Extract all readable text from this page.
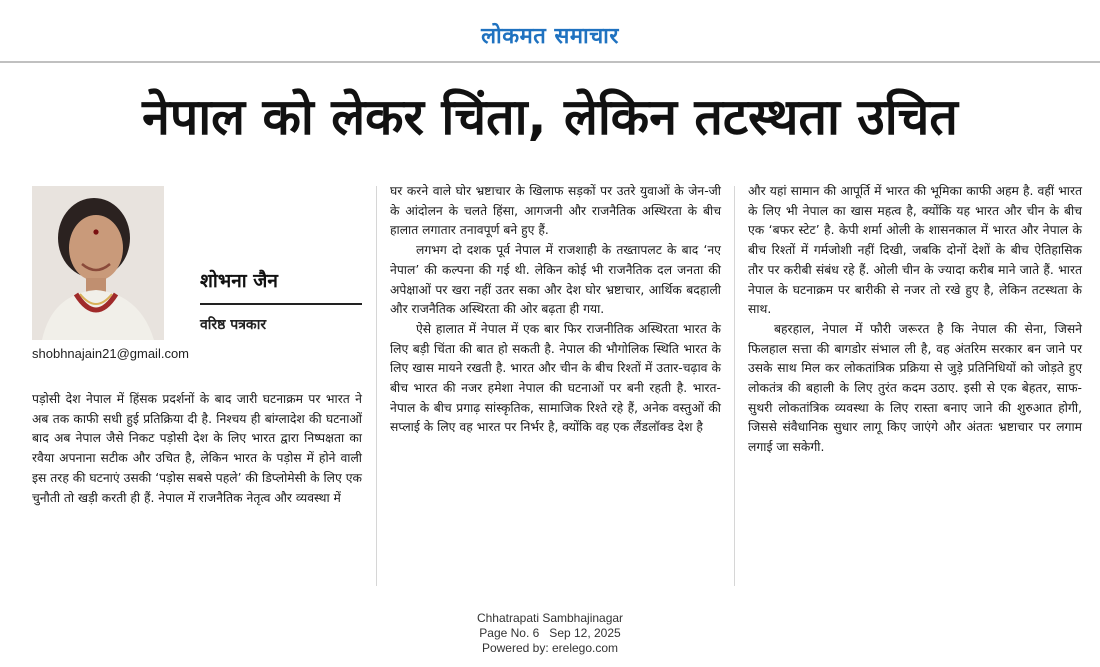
लोकमत समाचार
नेपाल को लेकर चिंता, लेकिन तटस्थता उचित
शोभना जैन
वरिष्ठ पत्रकार
shobhnajain21@gmail.com

पड़ोसी देश नेपाल में हिंसक प्रदर्शनों के बाद जारी घटनाक्रम पर भारत ने अब तक काफी सधी हुई प्रतिक्रिया दी है. निश्चय ही बांग्लादेश की घटनाओं बाद अब नेपाल जैसे निकट पड़ोसी देश के लिए भारत द्वारा निष्पक्षता का रवैया अपनाना सटीक और उचित है, लेकिन भारत के पड़ोस में होने वाली इस तरह की घटनाएं उसकी ‘पड़ोस सबसे पहले’ की डिप्लोमेसी के लिए एक चुनौती तो खड़ी करती ही हैं. नेपाल में राजनैतिक नेतृत्व और व्यवस्था में

घर करने वाले घोर भ्रष्टाचार के खिलाफ सड़कों पर उतरे युवाओं के जेन-जी के आंदोलन के चलते हिंसा, आगजनी और राजनैतिक अस्थिरता के बीच हालात लगातार तनावपूर्ण बने हुए हैं.

लगभग दो दशक पूर्व नेपाल में राजशाही के तख्तापलट के बाद ‘नए नेपाल’ की कल्पना की गई थी. लेकिन कोई भी राजनैतिक दल जनता की अपेक्षाओं पर खरा नहीं उतर सका और देश घोर भ्रष्टाचार, आर्थिक बदहाली और राजनैतिक अस्थिरता की ओर बढ़ता ही गया.

ऐसे हालात में नेपाल में एक बार फिर राजनीतिक अस्थिरता भारत के लिए बड़ी चिंता की बात हो सकती है. नेपाल की भौगोलिक स्थिति भारत के लिए खास मायने रखती है. भारत और चीन के बीच रिश्तों में उतार-चढ़ाव के बीच भारत की नजर हमेशा नेपाल की घटनाओं पर बनी रहती है. भारत-नेपाल के बीच प्रगाढ़ सांस्कृतिक, सामाजिक रिश्ते रहे हैं, अनेक वस्तुओं की सप्लाई के लिए वह भारत पर निर्भर है, क्योंकि वह एक लैंडलॉक्ड देश है

और यहां सामान की आपूर्ति में भारत की भूमिका काफी अहम है. वहीं भारत के लिए भी नेपाल का खास महत्व है, क्योंकि यह भारत और चीन के बीच एक ‘बफर स्टेट’ है. केपी शर्मा ओली के शासनकाल में भारत और नेपाल के बीच रिश्तों में गर्मजोशी नहीं दिखी, जबकि दोनों देशों के बीच ऐतिहासिक तौर पर करीबी संबंध रहे हैं. ओली चीन के ज्यादा करीब माने जाते हैं. भारत नेपाल के घटनाक्रम पर बारीकी से नजर तो रखे हुए है, लेकिन तटस्थता के साथ.

बहरहाल, नेपाल में फौरी जरूरत है कि नेपाल की सेना, जिसने फिलहाल सत्ता की बागडोर संभाल ली है, वह अंतरिम सरकार बन जाने पर उसके साथ मिल कर लोकतांत्रिक प्रक्रिया से जुड़े प्रतिनिधियों को जोड़ते हुए लोकतंत्र की बहाली के लिए तुरंत कदम उठाए. इसी से एक बेहतर, साफ-सुथरी लोकतांत्रिक व्यवस्था के लिए रास्ता बनाए जाने की शुरुआत होगी, जिससे संवैधानिक सुधार लागू किए जाएंगे और अंततः भ्रष्टाचार पर लगाम लगाई जा सकेगी.

Chhatrapati Sambhajinagar
Page No. 6   Sep 12, 2025
Powered by: erelego.com
